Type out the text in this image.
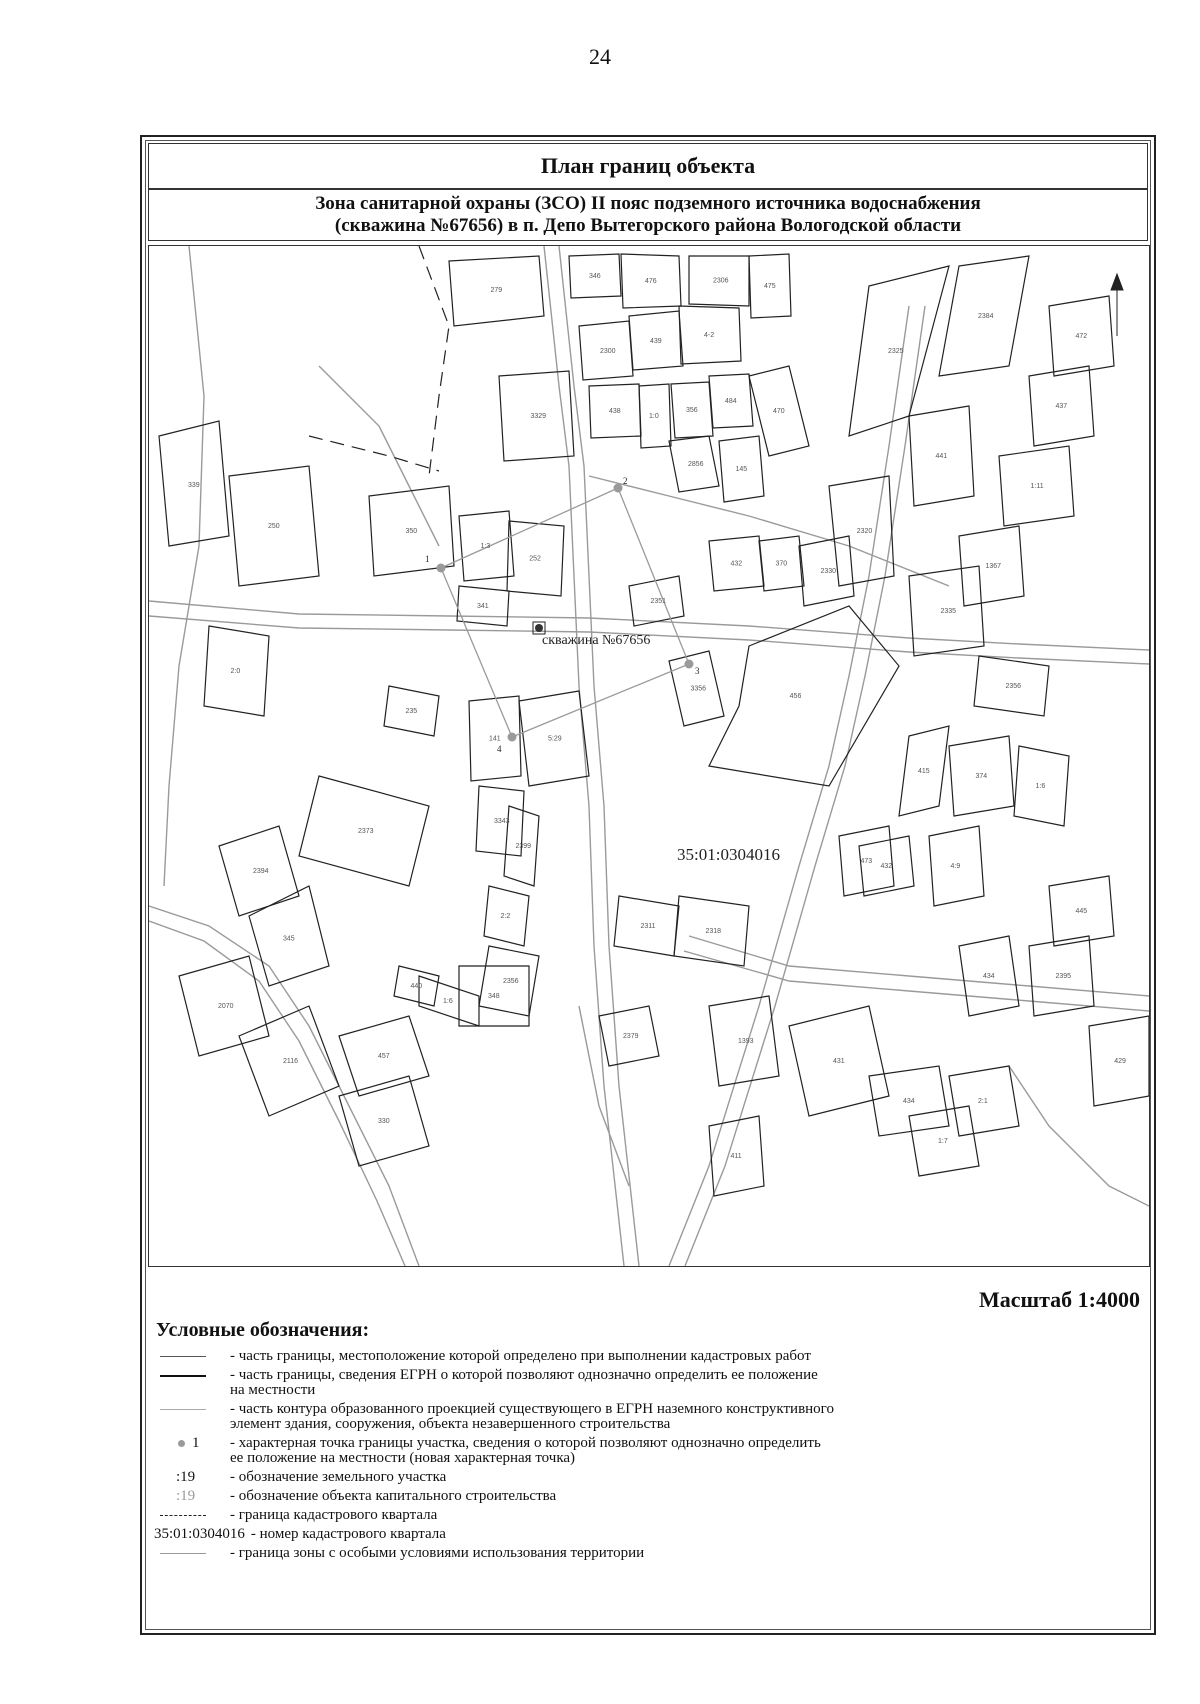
24
План границ объекта
Зона санитарной охраны (ЗСО) II пояс подземного источника водоснабжения
(скважина №67656) в п. Депо Вытегорского района Вологодской области
279
346
476	2306
475
2300
439
4-2
438
1:0
356
484
470
2856
145
3329
339
250
350
1:3
252
341
2:0
235
141
2373
2394
345
2070
2116
457
330
1:6
348
2399
2:2
2356
440
2379
2311
2318
1393
431
434	2:1
1:7
411
434	2395
445
429
4:9
432
473
374
1:6
2356
415
2335
1367
1:11
437
472
441
2320
2325
2384
432	370
2330
2351
3356
5:29
3343
456
скважина №67656
35:01:0304016
1
2
3
4
Масштаб 1:4000
Условные обозначения:
- часть границы, местоположение которой определено при выполнении кадастровых работ
- часть границы, сведения ЕГРН о которой позволяют однозначно определить ее положение
на местности
- часть контура образованного проекцией существующего в ЕГРН наземного конструктивного
элемент здания, сооружения, объекта незавершенного строительства
1 - характерная точка границы участка, сведения о которой позволяют однозначно определить
ее положение на местности (новая характерная точка)
:19 - обозначение земельного участка
:19 - обозначение объекта капитального строительства
- граница кадастрового квартала
35:01:0304016 - номер кадастрового квартала
- граница зоны с особыми условиями использования территории
